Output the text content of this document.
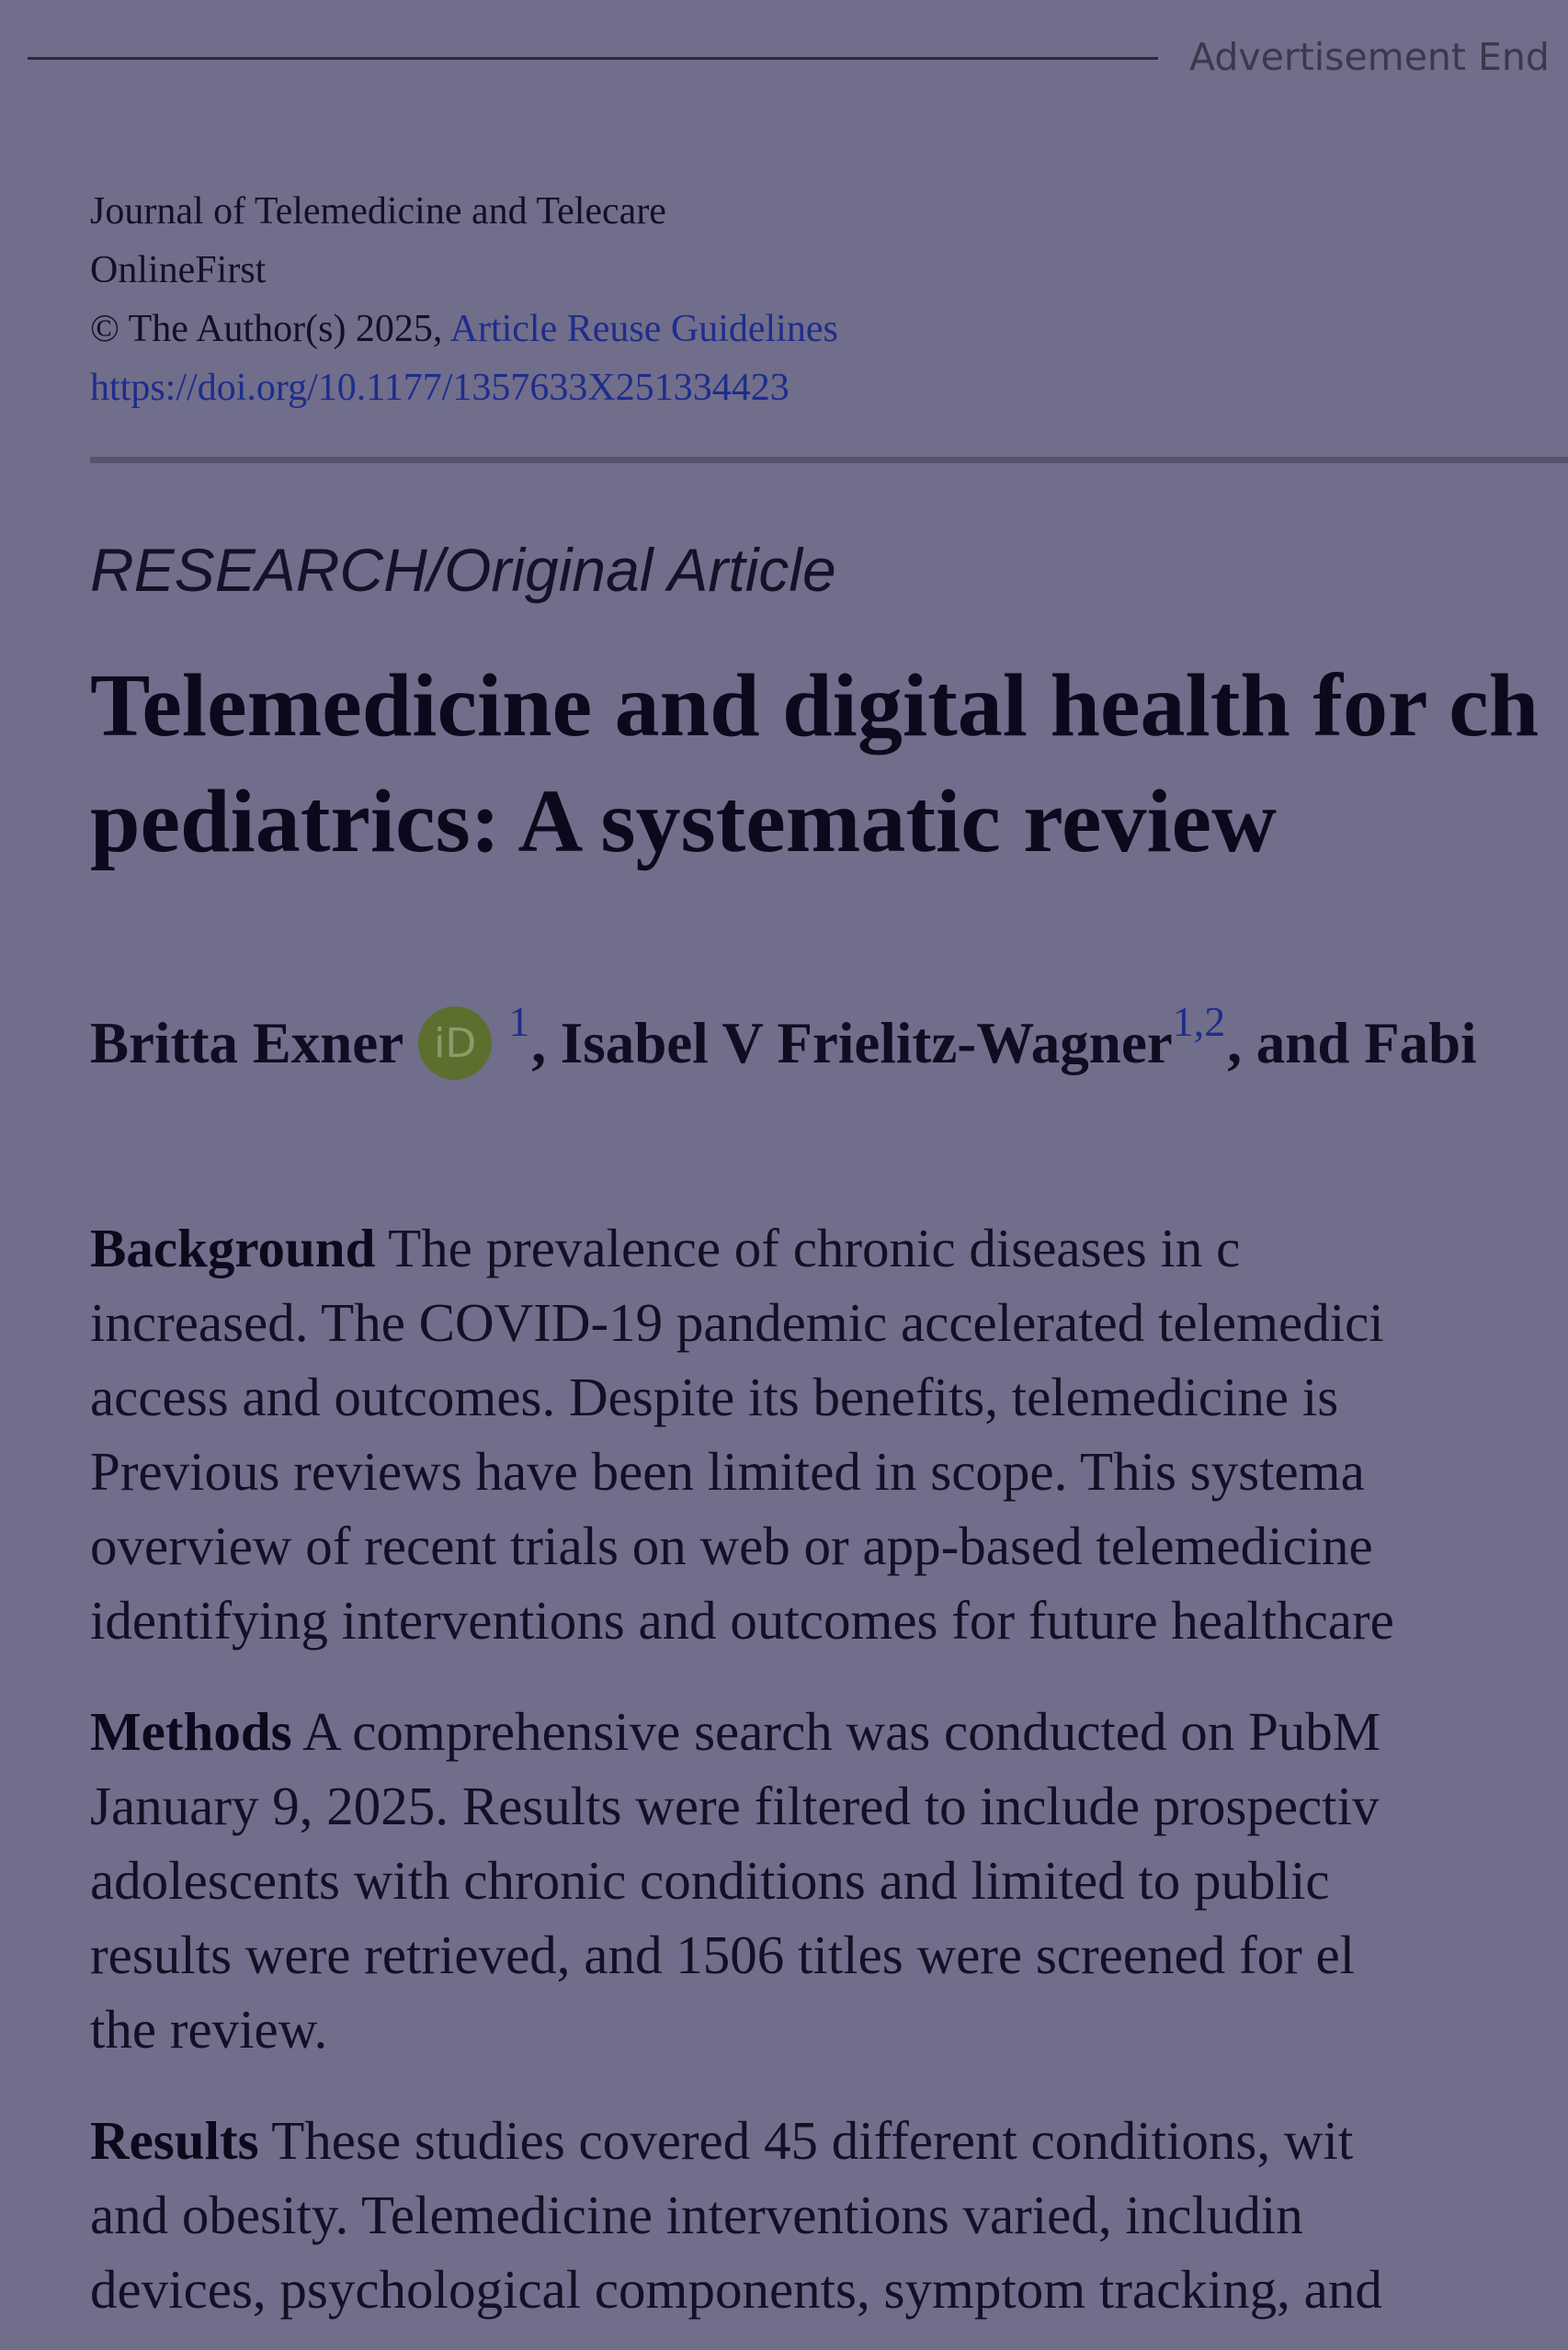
Advertisement End
Journal of Telemedicine and Telecare
OnlineFirst
© The Author(s) 2025, Article Reuse Guidelines
https://doi.org/10.1177/1357633X251334423
RESEARCH/Original Article
Telemedicine and digital health for ch
pediatrics: A systematic review
Britta Exner iD 1 , Isabel V Frielitz-Wagner 1,2 , and Fabi

Background The prevalence of chronic diseases in c
increased. The COVID-19 pandemic accelerated telemedici
access and outcomes. Despite its benefits, telemedicine is
Previous reviews have been limited in scope. This systema
overview of recent trials on web or app-based telemedicine
identifying interventions and outcomes for future healthcare

Methods A comprehensive search was conducted on PubM
January 9, 2025. Results were filtered to include prospectiv
adolescents with chronic conditions and limited to public
results were retrieved, and 1506 titles were screened for el
the review.

Results These studies covered 45 different conditions, wit
and obesity. Telemedicine interventions varied, includin
devices, psychological components, symptom tracking, and
